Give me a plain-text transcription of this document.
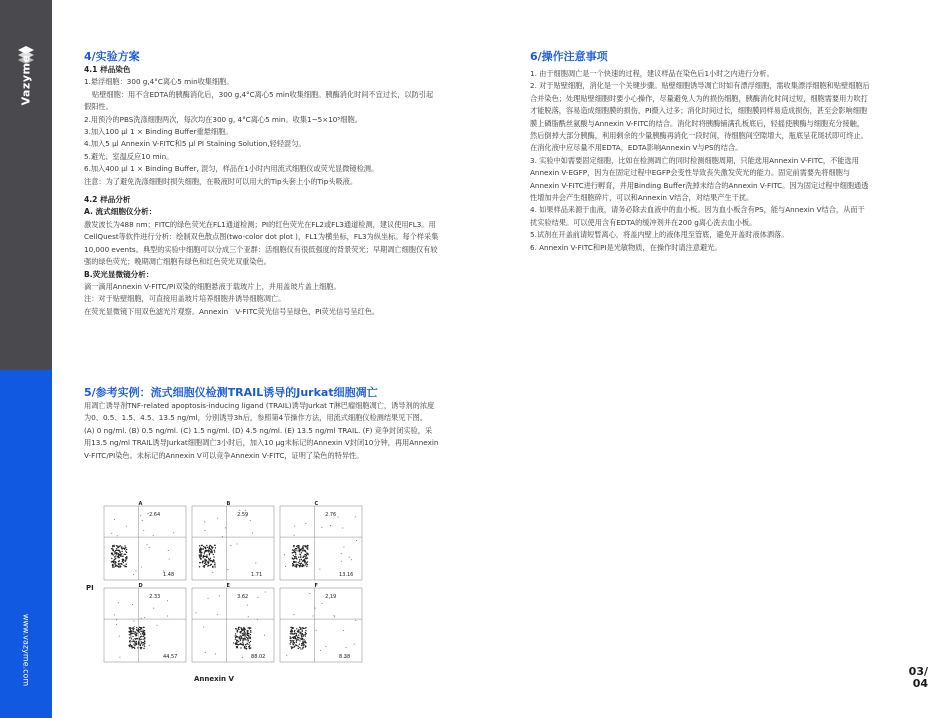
Vazyme
www.vazyme.com

4/实验方案

4.1 样品染色

1.悬浮细胞：300 g,4°C离心5 min收集细胞。

贴壁细胞：用不含EDTA的胰酶消化后，300 g,4°C离心5 min收集细胞。胰酶消化时间不宜过长，以防引起假阳性。

2.用预冷的PBS洗涤细胞两次，每次均在300 g, 4°C离心5 min。收集1~5×10⁵细胞。

3.加入100 μl 1 × Binding Buffer重悬细胞。

4.加入5 μl Annexin V-FITC和5 μl PI Staining Solution,轻轻混匀。

5.避光、室温反应10 min。

6.加入400 μl 1 × Binding Buffer, 混匀，样品在1小时内用流式细胞仪或荧光显微镜检测。

注意：为了避免洗涤细胞时损失细胞，在吸液时可以用大的Tip头套上小的Tip头吸液。

4.2 样品分析

A. 流式细胞仪分析：

激发波长为488 nm；FITC的绿色荧光在FL1通道检测；PI的红色荧光在FL2或FL3通道检测，建议使用FL3。用CellQuest等软件进行分析：绘制双色散点图(two-color dot plot )，FL1为横坐标，FL3为纵坐标。每个样采集10,000 events。典型的实验中细胞可以分成三个亚群：活细胞仪有很低强度的背景荧光；早期凋亡细胞仅有较强的绿色荧光；晚期凋亡细胞有绿色和红色荧光双重染色。

B.荧光显微镜分析：

滴一滴用Annexin V-FITC/PI双染的细胞悬液于载玻片上，并用盖玻片盖上细胞。

注：对于贴壁细胞，可直接用盖玻片培养细胞并诱导细胞凋亡。

在荧光显微镜下用双色滤光片观察。Annexin　V-FITC荧光信号呈绿色，PI荧光信号呈红色。

5/参考实例：流式细胞仪检测TRAIL诱导的Jurkat细胞凋亡

用凋亡诱导剂TNF-related apoptosis-inducing ligand (TRAIL)诱导Jurkat T淋巴瘤细胞凋亡，诱导剂的浓度为0、0.5、1.5、4.5、13.5 ng/ml，分别诱导3h后，参照第4节操作方法，用流式细胞仪检测结果见下图。

(A) 0 ng/ml. (B) 0.5 ng/ml. (C) 1.5 ng/ml. (D) 4.5 ng/ml. (E) 13.5 ng/ml TRAIL. (F) 竞争封闭实验，采用13.5 ng/ml TRAIL诱导Jurkat细胞凋亡3小时后，加入10 μg未标记的Annexin V封闭10分钟，再用Annexin V-FITC/PI染色。未标记的Annexin V可以竞争Annexin V-FITC，证明了染色的特异性。

PI
Annexin V
A
2.64
1.48
B
2.59
1.71
C
2.76
13.16
D
2.33
44.57
E
3.62
88.02
F
2.19
8.38

6/操作注意事项

1. 由于细胞凋亡是一个快速的过程，建议样品在染色后1小时之内进行分析。

2. 对于贴壁细胞，消化是一个关键步骤。贴壁细胞诱导凋亡时如有漂浮细胞，需收集漂浮细胞和贴壁细胞后合并染色；处理贴壁细胞时要小心操作，尽量避免人为的损伤细胞，胰酶消化时间过短，细胞需要用力吹打才能脱落，容易造成细胞膜的损伤，PI摄入过多；消化时间过长，细胞膜同样易造成损伤，甚至会影响细胞膜上磷脂酰丝氨酸与Annexin V-FITC的结合。消化时将胰酶铺满孔板底后，轻摇使胰酶与细胞充分接触，然后倒掉大部分胰酶，利用剩余的少量胰酶再消化一段时间，待细胞间空隙增大，瓶底呈花斑状即可终止。在消化液中应尽量不用EDTA，EDTA影响Annexin V与PS的结合。

3. 实验中如需要固定细胞，比如在检测凋亡的同时检测细胞周期，只能选用Annexin V-FITC，不能选用Annexin V-EGFP，因为在固定过程中EGFP会变性导致丧失激发荧光的能力。固定前需要先将细胞与Annexin V-FITC进行孵育，并用Binding Buffer洗掉未结合的Annexin V-FITC。因为固定过程中细胞通透性增加并会产生细胞碎片，可以和Annexin V结合，对结果产生干扰。

4. 如果样品来源于血液，请务必除去血液中的血小板。因为血小板含有PS，能与Annexin V结合，从而干扰实验结果。可以使用含有EDTA的缓冲剂并在200 g离心洗去血小板。

5.试剂在开盖前请短暂离心，将盖内壁上的液体甩至管底，避免开盖时液体洒落。

6. Annexin V-FITC和PI是光敏物质，在操作时请注意避光。

03/
04
